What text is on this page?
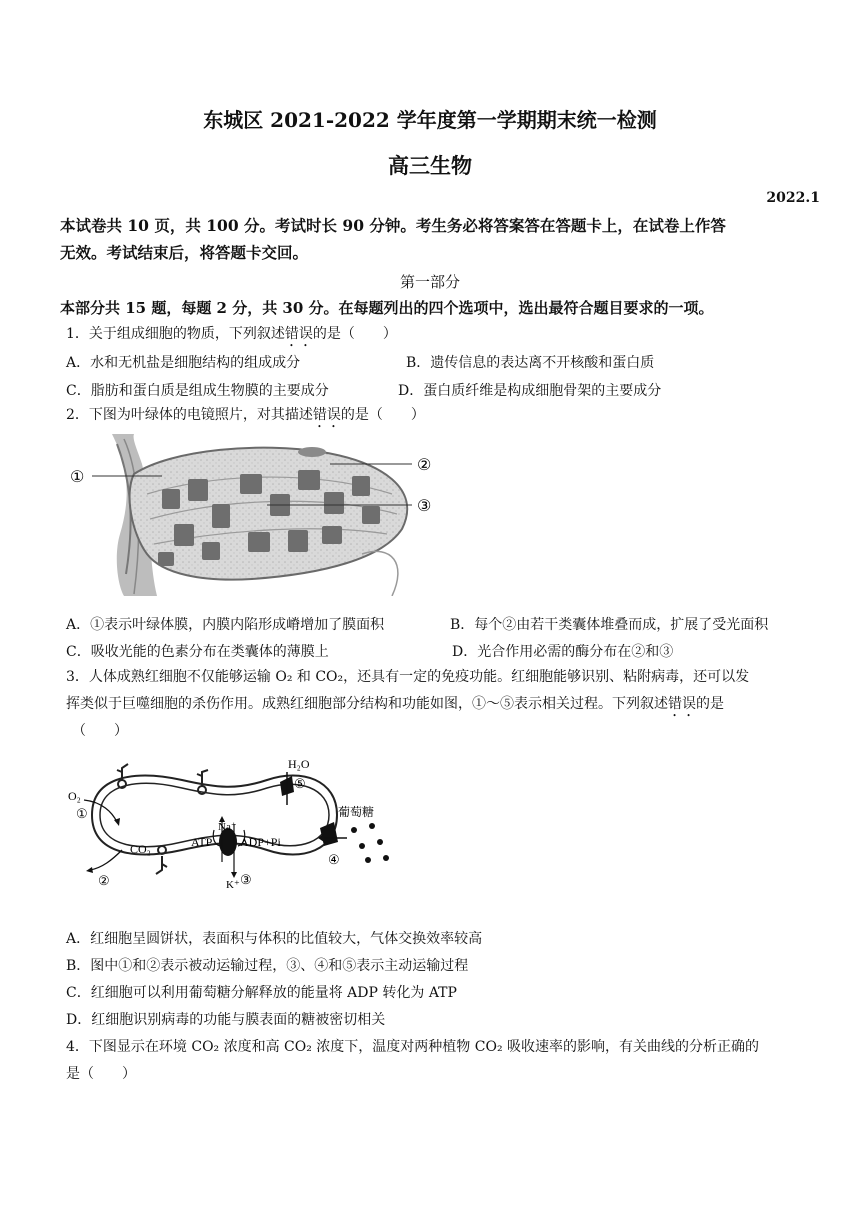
东城区 2021-2022 学年度第一学期期末统一检测
高三生物
2022.1
本试卷共 10 页，共 100 分。考试时长 90 分钟。考生务必将答案答在答题卡上，在试卷上作答
无效。考试结束后，将答题卡交回。
第一部分
本部分共 15 题，每题 2 分，共 30 分。在每题列出的四个选项中，选出最符合题目要求的一项。
1．关于组成细胞的物质，下列叙述错误的是（　　）
A．水和无机盐是细胞结构的组成成分	B．遗传信息的表达离不开核酸和蛋白质
C．脂肪和蛋白质是组成生物膜的主要成分	D．蛋白质纤维是构成细胞骨架的主要成分
2．下图为叶绿体的电镜照片，对其描述错误的是（　　）
①
②
③
A．①表示叶绿体膜，内膜内陷形成嵴增加了膜面积	B．每个②由若干类囊体堆叠而成，扩展了受光面积
C．吸收光能的色素分布在类囊体的薄膜上	D．光合作用必需的酶分布在②和③
3．人体成熟红细胞不仅能够运输 O₂ 和 CO₂，还具有一定的免疫功能。红细胞能够识别、粘附病毒，还可以发
挥类似于巨噬细胞的杀伤作用。成熟红细胞部分结构和功能如图，①～⑤表示相关过程。下列叙述错误的是
（　　）
O₂
①
CO₂
②
H₂O
⑤
葡萄糖
④
Na⁺
ATP ADP+Pi
③
K⁺
A．红细胞呈圆饼状，表面积与体积的比值较大，气体交换效率较高
B．图中①和②表示被动运输过程，③、④和⑤表示主动运输过程
C．红细胞可以利用葡萄糖分解释放的能量将 ADP 转化为 ATP
D．红细胞识别病毒的功能与膜表面的糖被密切相关
4．下图显示在环境 CO₂ 浓度和高 CO₂ 浓度下，温度对两种植物 CO₂ 吸收速率的影响，有关曲线的分析正确的
是（　　）
